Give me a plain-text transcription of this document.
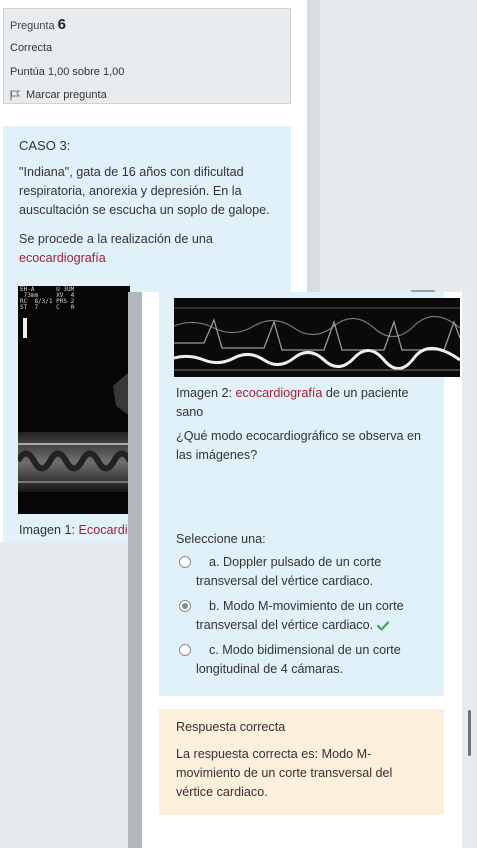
Pregunta 6
Correcta
Puntúa 1,00 sobre 1,00
Marcar pregunta
CASO 3:

"Indiana", gata de 16 años con dificultad respiratoria, anorexia y depresión. En la auscultación se escucha un soplo de galope.

Se procede a la realización de una
ecocardiografía

EH-A      U 3UM
73mm     XV  4
RC  8/3/1 PRS 2
ST  7     C   0
Imagen 1: Ecocardi
Imagen 2: ecocardiografía de un paciente sano
¿Qué modo ecocardiográfico se observa en las imágenes?
Seleccione una:
a. Doppler pulsado de un corte transversal del vértice cardiaco.
b. Modo M-movimiento de un corte transversal del vértice cardiaco.
c. Modo bidimensional de un corte longitudinal de 4 cámaras.
Respuesta correcta
La respuesta correcta es: Modo M-movimiento de un corte transversal del vértice cardiaco.
